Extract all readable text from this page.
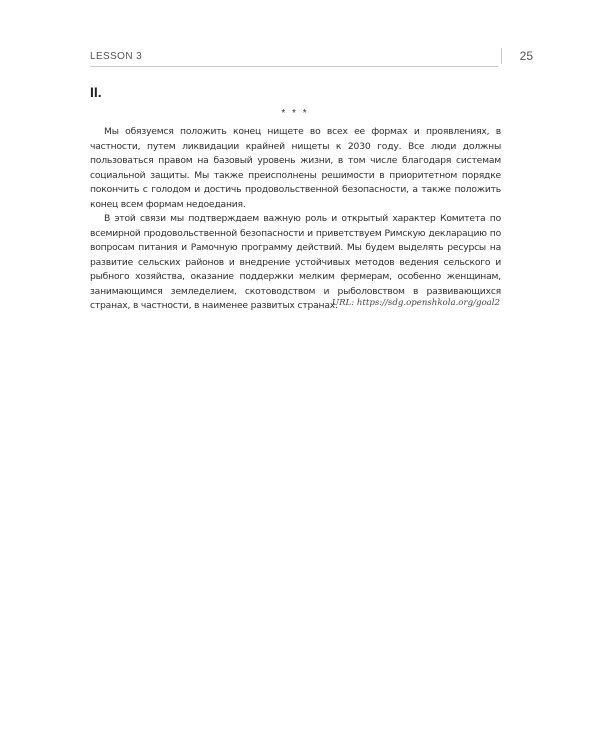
LESSON 3	25
II.
* * *

Мы обязуемся положить конец нищете во всех ее формах и проявлениях, в частности, путем ликвидации крайней нищеты к 2030 году. Все люди должны пользоваться правом на базовый уровень жизни, в том числе благодаря системам социальной защиты. Мы также преисполнены решимости в приоритетном порядке покончить с голодом и достичь продовольственной безопасности, а также положить конец всем формам недоедания.

В этой связи мы подтверждаем важную роль и открытый характер Комитета по всемирной продовольственной безопасности и приветствуем Римскую декларацию по вопросам питания и Рамочную программу действий. Мы будем выделять ресурсы на развитие сельских районов и внедрение устойчивых методов ведения сельского и рыбного хозяйства, оказание поддержки мелким фермерам, особенно женщинам, занимающимся земледелием, скотоводством и рыболовством в развивающихся странах, в частности, в наименее развитых странах.

URL: https://sdg.openshkola.org/goal2
